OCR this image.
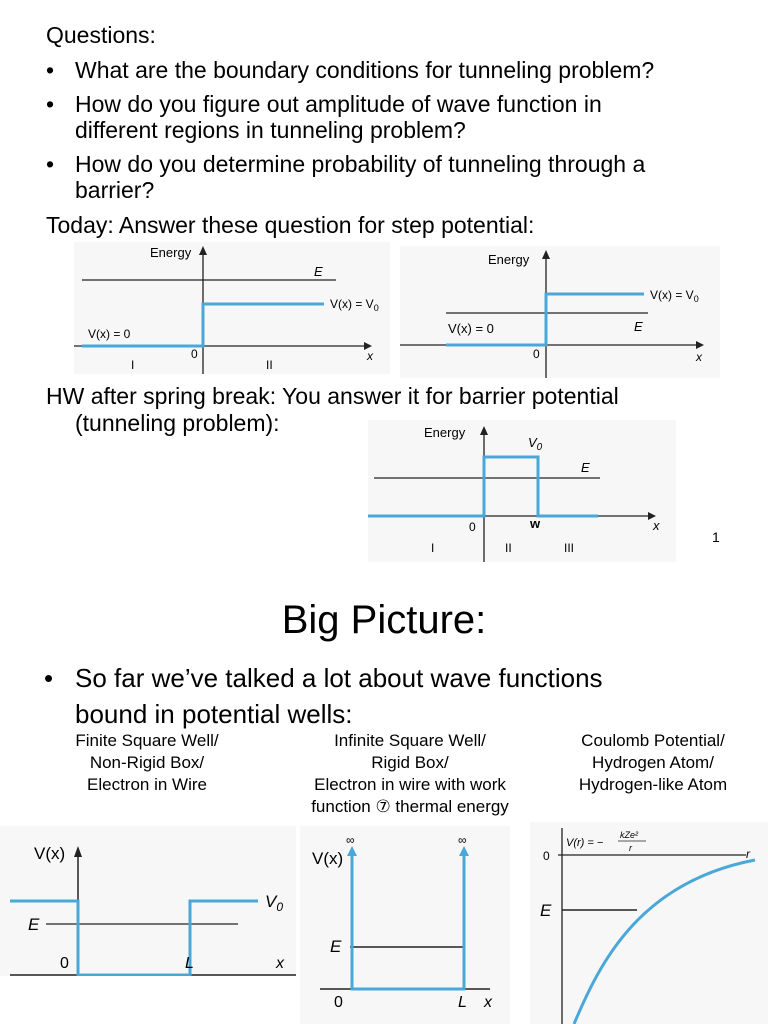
Questions:
• What are the boundary conditions for tunneling problem?
• How do you figure out amplitude of wave function in
different regions in tunneling problem?
• How do you determine probability of tunneling through a
barrier?
Today: Answer these question for step potential:
Energy
E
$V(x) = V_0$
V(x) = 0
0	x
I	II
Energy
$V(x) = V_0$
V(x) = 0	E
0	x
HW after spring break: You answer it for barrier potential
(tunneling problem):	Energy
$V_0$
E
0	w	x
I	II	III
1
Big Picture:
• So far we’ve talked a lot about wave functions
bound in potential wells:
Finite Square Well/
Non-Rigid Box/
Electron in Wire
Infinite Square Well/
Rigid Box/
Electron in wire with work
function ⑦ thermal energy
Coulomb Potential/
Hydrogen Atom/
Hydrogen-like Atom
V(x)
$V_0$
E
0	L	x
∞	∞
V(x)
E
0	L x
V(r) = −
kZe²
r
0	r
E
